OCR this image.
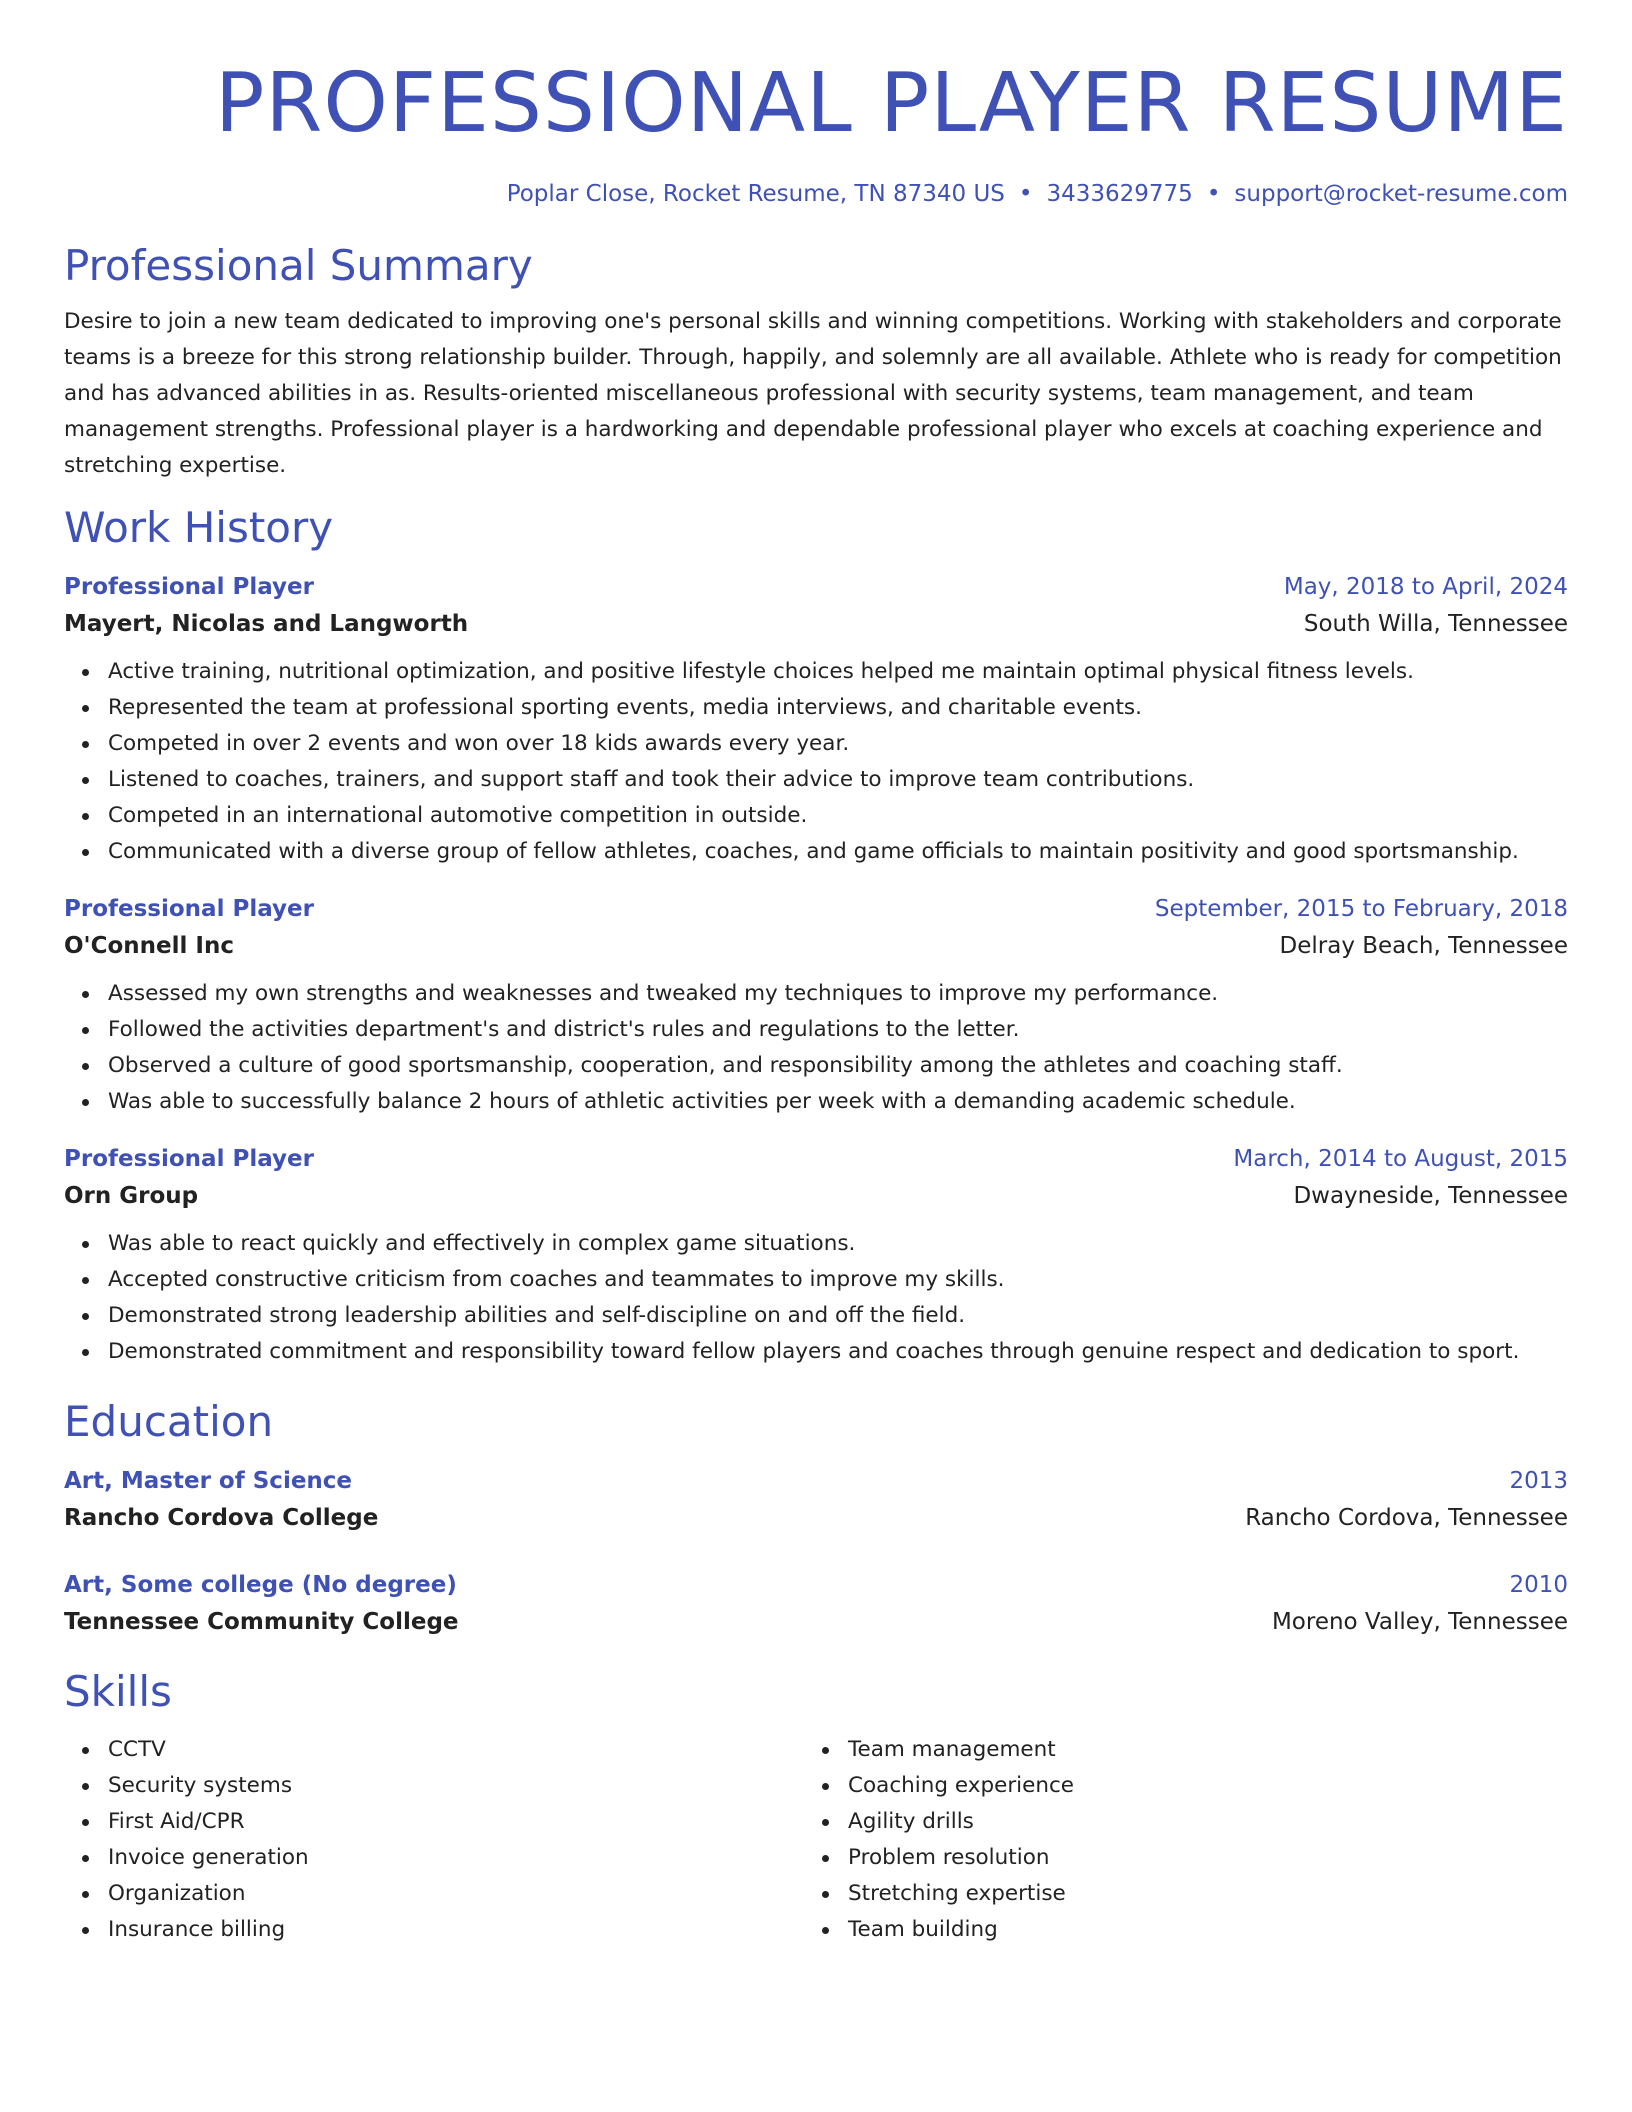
PROFESSIONAL PLAYER RESUME
Poplar Close, Rocket Resume, TN 87340 US • 3433629775 • support@rocket-resume.com
Professional Summary
Desire to join a new team dedicated to improving one's personal skills and winning competitions. Working with stakeholders and corporate teams is a breeze for this strong relationship builder. Through, happily, and solemnly are all available. Athlete who is ready for competition and has advanced abilities in as. Results-oriented miscellaneous professional with security systems, team management, and team management strengths. Professional player is a hardworking and dependable professional player who excels at coaching experience and stretching expertise.
Work History
Professional Player	May, 2018 to April, 2024
Mayert, Nicolas and Langworth	South Willa, Tennessee
Active training, nutritional optimization, and positive lifestyle choices helped me maintain optimal physical fitness levels.
Represented the team at professional sporting events, media interviews, and charitable events.
Competed in over 2 events and won over 18 kids awards every year.
Listened to coaches, trainers, and support staff and took their advice to improve team contributions.
Competed in an international automotive competition in outside.
Communicated with a diverse group of fellow athletes, coaches, and game officials to maintain positivity and good sportsmanship.
Professional Player	September, 2015 to February, 2018
O'Connell Inc	Delray Beach, Tennessee
Assessed my own strengths and weaknesses and tweaked my techniques to improve my performance.
Followed the activities department's and district's rules and regulations to the letter.
Observed a culture of good sportsmanship, cooperation, and responsibility among the athletes and coaching staff.
Was able to successfully balance 2 hours of athletic activities per week with a demanding academic schedule.
Professional Player	March, 2014 to August, 2015
Orn Group	Dwayneside, Tennessee
Was able to react quickly and effectively in complex game situations.
Accepted constructive criticism from coaches and teammates to improve my skills.
Demonstrated strong leadership abilities and self-discipline on and off the field.
Demonstrated commitment and responsibility toward fellow players and coaches through genuine respect and dedication to sport.
Education
Art, Master of Science	2013
Rancho Cordova College	Rancho Cordova, Tennessee
Art, Some college (No degree)	2010
Tennessee Community College	Moreno Valley, Tennessee
Skills
CCTV
Security systems
First Aid/CPR
Invoice generation
Organization
Insurance billing
Team management
Coaching experience
Agility drills
Problem resolution
Stretching expertise
Team building
